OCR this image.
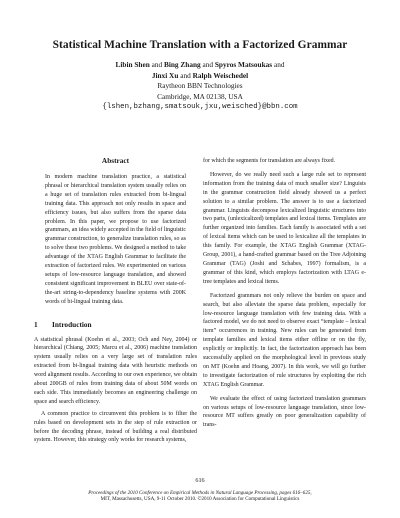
Statistical Machine Translation with a Factorized Grammar
Libin Shen and Bing Zhang and Spyros Matsoukas and
Jinxi Xu and Ralph Weischedel
Raytheon BBN Technologies
Cambridge, MA 02138, USA
{lshen,bzhang,smatsouk,jxu,weisched}@bbn.com
Abstract

In modern machine translation practice, a statistical phrasal or hierarchical translation system usually relies on a huge set of translation rules extracted from bi-lingual training data. This approach not only results in space and efficiency issues, but also suffers from the sparse data problem. In this paper, we propose to use factorized grammars, an idea widely accepted in the field of linguistic grammar construction, to generalize translation rules, so as to solve these two problems. We designed a method to take advantage of the XTAG English Grammar to facilitate the extraction of factorized rules. We experimented on various setups of low-resource language translation, and showed consistent significant improvement in BLEU over state-of-the-art string-to-dependency baseline systems with 200K words of bi-lingual training data.

1 Introduction

A statistical phrasal (Koehn et al., 2003; Och and Ney, 2004) or hierarchical (Chiang, 2005; Marcu et al., 2006) machine translation system usually relies on a very large set of translation rules extracted from bi-lingual training data with heuristic methods on word alignment results. According to our own experience, we obtain about 200GB of rules from training data of about 50M words on each side. This immediately becomes an engineering challenge on space and search efficiency.

A common practice to circumvent this problem is to filter the rules based on development sets in the step of rule extraction or before the decoding phrase, instead of building a real distributed system. However, this strategy only works for research systems,

for which the segments for translation are always fixed.

However, do we really need such a large rule set to represent information from the training data of much smaller size? Linguists in the grammar construction field already showed us a perfect solution to a similar problem. The answer is to use a factorized grammar. Linguists decompose lexicalized linguistic structures into two parts, (unlexicalized) templates and lexical items. Templates are further organized into families. Each family is associated with a set of lexical items which can be used to lexicalize all the templates in this family. For example, the XTAG English Grammar (XTAG-Group, 2001), a hand-crafted grammar based on the Tree Adjoining Grammar (TAG) (Joshi and Schabes, 1997) formalism, is a grammar of this kind, which employs factorization with LTAG e-tree templates and lexical items.

Factorized grammars not only relieve the burden on space and search, but also alleviate the sparse data problem, especially for low-resource language translation with few training data. With a factored model, we do not need to observe exact “template – lexical item” occurrences in training. New rules can be generated from template families and lexical items either offline or on the fly, explicitly or implicitly. In fact, the factorization approach has been successfully applied on the morphological level in previous study on MT (Koehn and Hoang, 2007). In this work, we will go further to investigate factorization of rule structures by exploiting the rich XTAG English Grammar.

We evaluate the effect of using factorized translation grammars on various setups of low-resource language translation, since low-resource MT suffers greatly on poor generalization capability of trans-

616
Proceedings of the 2010 Conference on Empirical Methods in Natural Language Processing, pages 616–625,
MIT, Massachusetts, USA, 9-11 October 2010. ©2010 Association for Computational Linguistics
